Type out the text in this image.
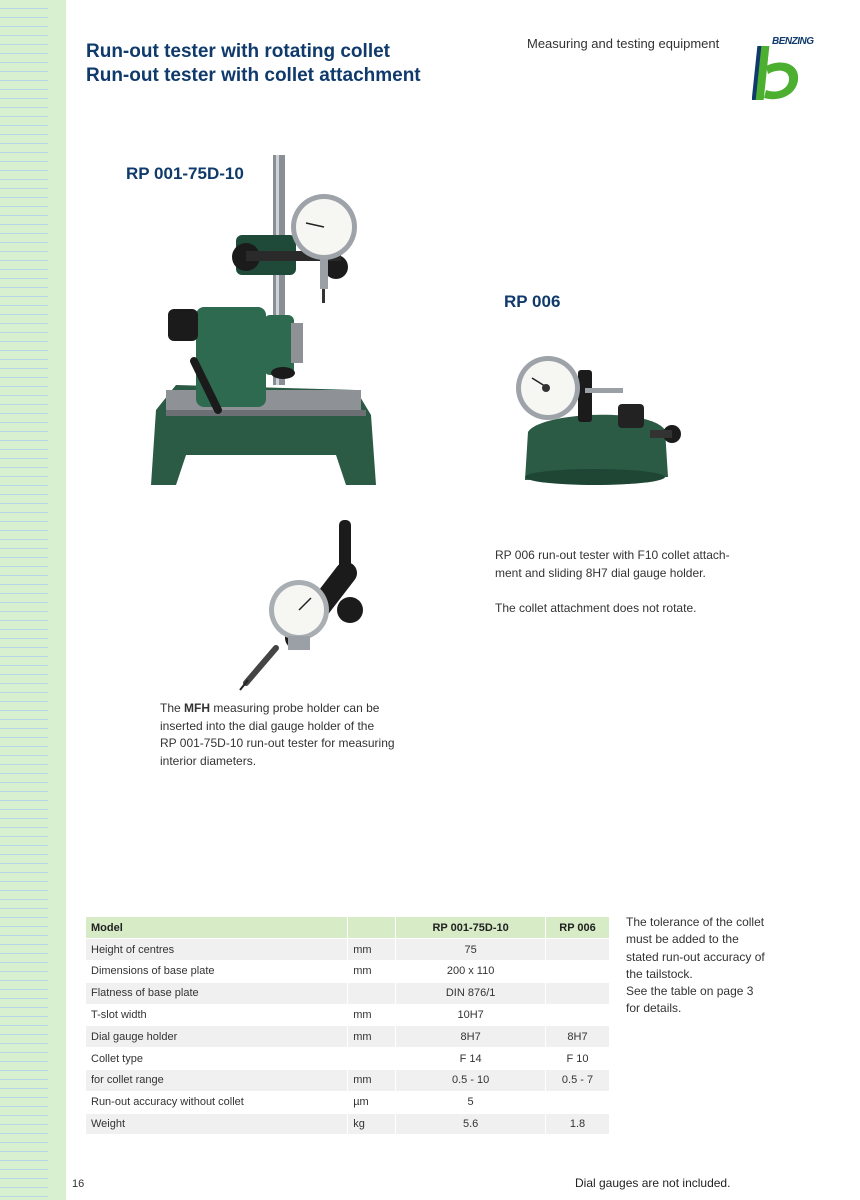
Run-out tester with rotating collet
Run-out tester with collet attachment
Measuring and testing equipment	BENZING
RP 001-75D-10
RP 006
RP 006 run-out tester with F10 collet attach-
ment and sliding 8H7 dial gauge holder.
The collet attachment does not rotate.
The MFH measuring probe holder can be
inserted into the dial gauge holder of the
RP 001-75D-10 run-out tester for measuring
interior diameters.
Model		RP 001-75D-10	RP 006
Height of centres	mm	75	
Dimensions of base plate	mm	200 x 110	
Flatness of base plate		DIN 876/1	
T-slot width	mm	10H7	
Dial gauge holder	mm	8H7	8H7
Collet type		F 14	F 10
for collet range	mm	0.5 - 10	0.5 - 7
Run-out accuracy without collet	µm	5	
Weight	kg	5.6	1.8
The tolerance of the collet
must be added to the
stated run-out accuracy of
the tailstock.
See the table on page 3
for details.
16	Dial gauges are not included.
